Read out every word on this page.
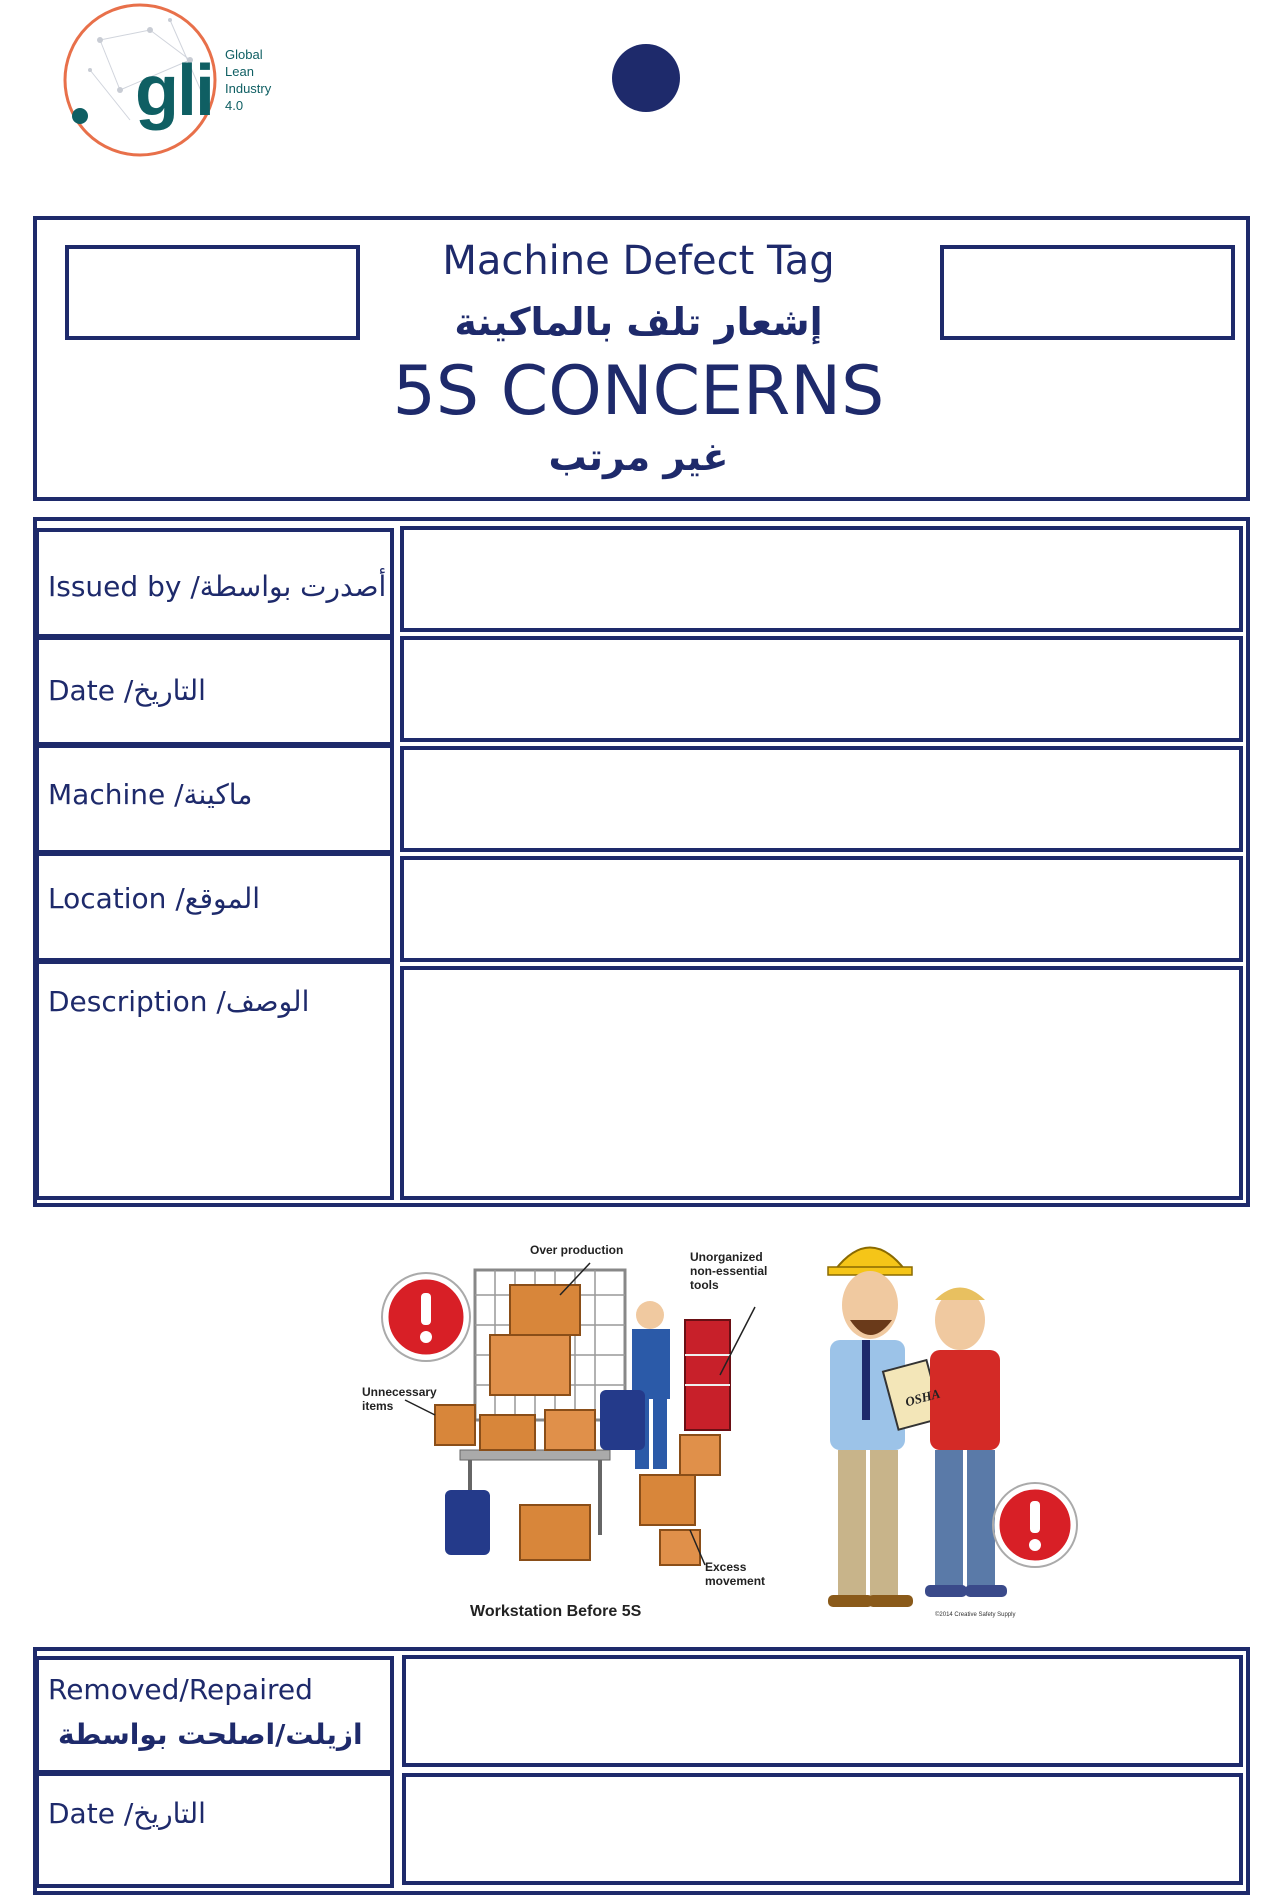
gli Global
Lean
Industry
4.0
Machine Defect Tag
إشعار تلف بالماكينة
5S CONCERNS
غير مرتب
Issued by /أصدرت بواسطة
Date /التاريخ
Machine /ماكينة
Location /الموقع
Description /الوصف
Over production	Unorganized
non-essential
tools
Unnecessary
items
Excess
movement
Workstation Before 5S
OSHA
©2014 Creative Safety Supply
Removed/Repaired
ازيلت/اصلحت بواسطة
Date /التاريخ
